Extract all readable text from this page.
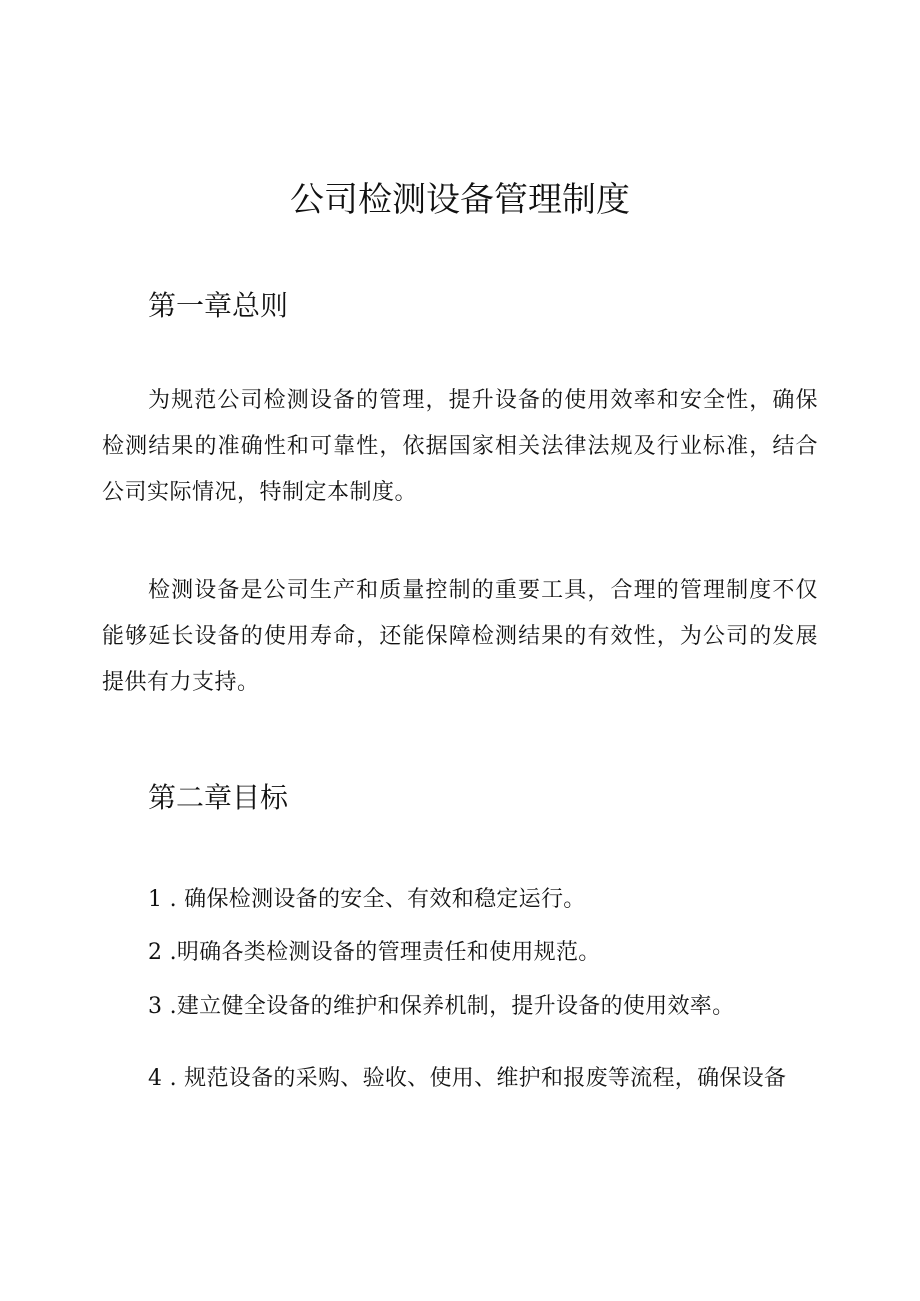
公司检测设备管理制度
第一章总则

为规范公司检测设备的管理，提升设备的使用效率和安全性，确保检测结果的准确性和可靠性，依据国家相关法律法规及行业标准，结合公司实际情况，特制定本制度。

检测设备是公司生产和质量控制的重要工具，合理的管理制度不仅能够延长设备的使用寿命，还能保障检测结果的有效性，为公司的发展提供有力支持。

第二章目标

1 . 确保检测设备的安全、有效和稳定运行。

2 .明确各类检测设备的管理责任和使用规范。

3 .建立健全设备的维护和保养机制，提升设备的使用效率。

4 . 规范设备的采购、验收、使用、维护和报废等流程，确保设备
